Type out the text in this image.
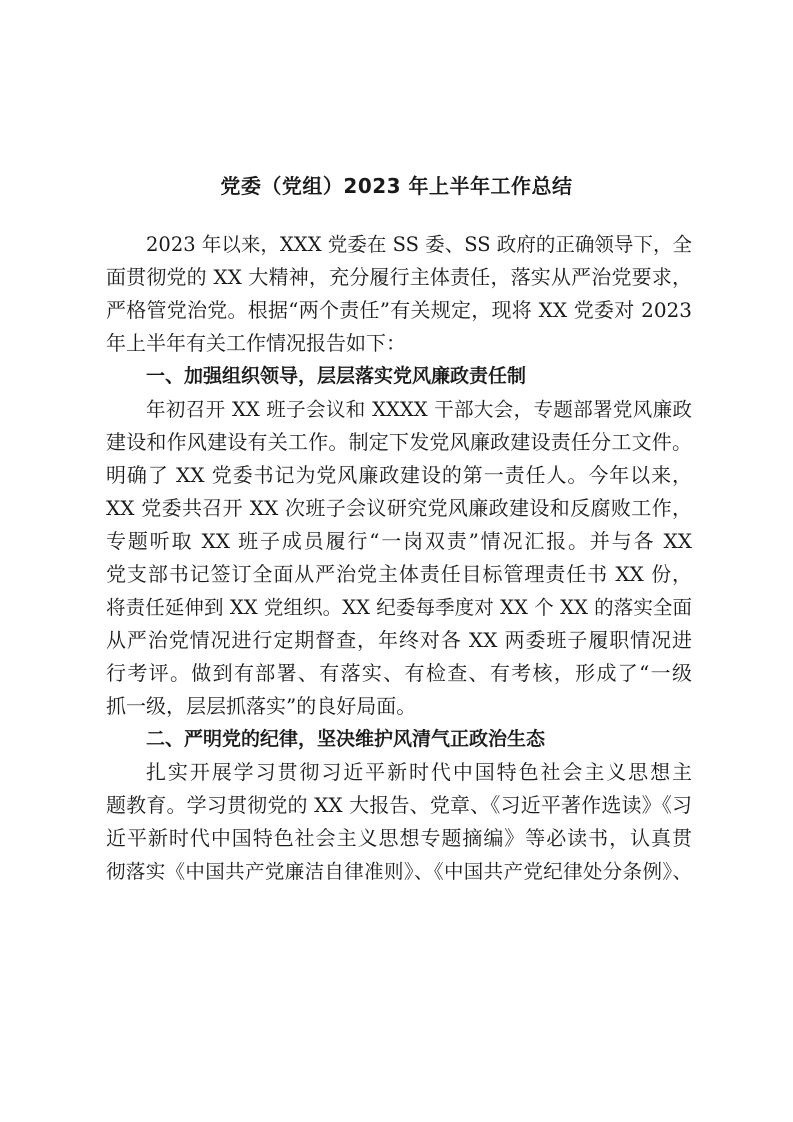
党委（党组）2023 年上半年工作总结
2023 年以来，XXX 党委在 SS 委、SS 政府的正确领导下，全
面贯彻党的 XX 大精神，充分履行主体责任，落实从严治党要求，
严格管党治党。根据“两个责任”有关规定，现将 XX 党委对 2023
年上半年有关工作情况报告如下：
一、加强组织领导，层层落实党风廉政责任制
年初召开 XX 班子会议和 XXXX 干部大会，专题部署党风廉政
建设和作风建设有关工作。制定下发党风廉政建设责任分工文件。
明确了 XX 党委书记为党风廉政建设的第一责任人。今年以来，
XX 党委共召开 XX 次班子会议研究党风廉政建设和反腐败工作，
专题听取 XX 班子成员履行“一岗双责”情况汇报。并与各 XX
党支部书记签订全面从严治党主体责任目标管理责任书 XX 份，
将责任延伸到 XX 党组织。XX 纪委每季度对 XX 个 XX 的落实全面
从严治党情况进行定期督查，年终对各 XX 两委班子履职情况进
行考评。做到有部署、有落实、有检查、有考核，形成了“一级
抓一级，层层抓落实”的良好局面。
二、严明党的纪律，坚决维护风清气正政治生态
扎实开展学习贯彻习近平新时代中国特色社会主义思想主
题教育。学习贯彻党的 XX 大报告、党章、《习近平著作选读》《习
近平新时代中国特色社会主义思想专题摘编》等必读书，认真贯
彻落实《中国共产党廉洁自律准则》、《中国共产党纪律处分条例》、
